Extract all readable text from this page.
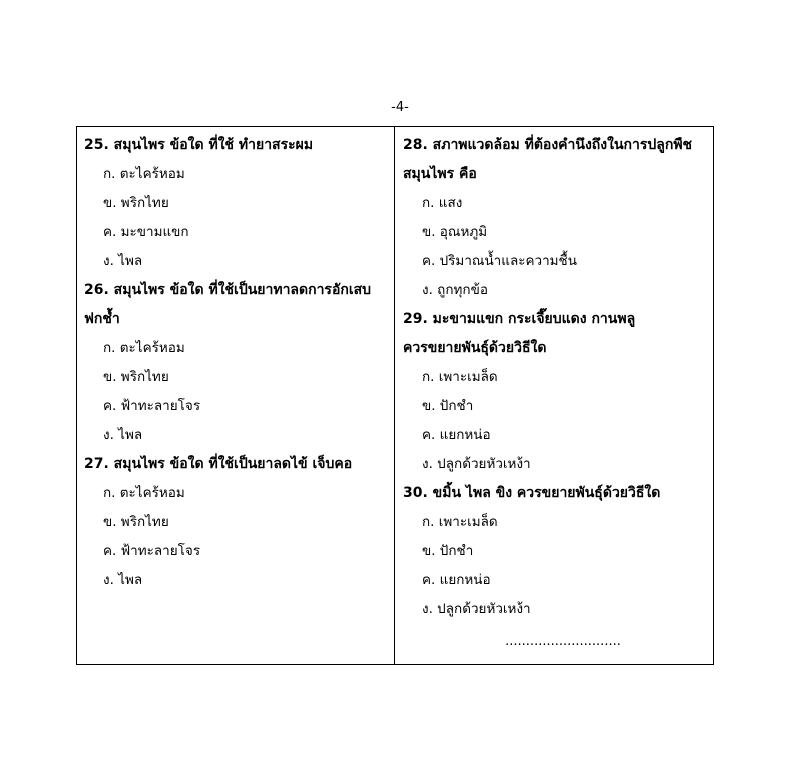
-4-
25. สมุนไพร ข้อใด ที่ใช้ ทำยาสระผม
ก. ตะไคร้หอม
ข. พริกไทย
ค. มะขามแขก
ง. ไพล
26. สมุนไพร ข้อใด ที่ใช้เป็นยาทาลดการอักเสบ
ฟกช้ำ
ก. ตะไคร้หอม
ข. พริกไทย
ค. ฟ้าทะลายโจร
ง. ไพล
27. สมุนไพร ข้อใด ที่ใช้เป็นยาลดไข้ เจ็บคอ
ก. ตะไคร้หอม
ข. พริกไทย
ค. ฟ้าทะลายโจร
ง. ไพล
28. สภาพแวดล้อม ที่ต้องคำนึงถึงในการปลูกพืช
สมุนไพร คือ
ก. แสง
ข. อุณหภูมิ
ค. ปริมาณน้ำและความชื้น
ง. ถูกทุกข้อ
29. มะขามแขก กระเจี๊ยบแดง กานพลู
ควรขยายพันธุ์ด้วยวิธีใด
ก. เพาะเมล็ด
ข. ปักชำ
ค. แยกหน่อ
ง. ปลูกด้วยหัวเหง้า
30. ขมิ้น ไพล ขิง ควรขยายพันธุ์ด้วยวิธีใด
ก. เพาะเมล็ด
ข. ปักชำ
ค. แยกหน่อ
ง. ปลูกด้วยหัวเหง้า
............................
